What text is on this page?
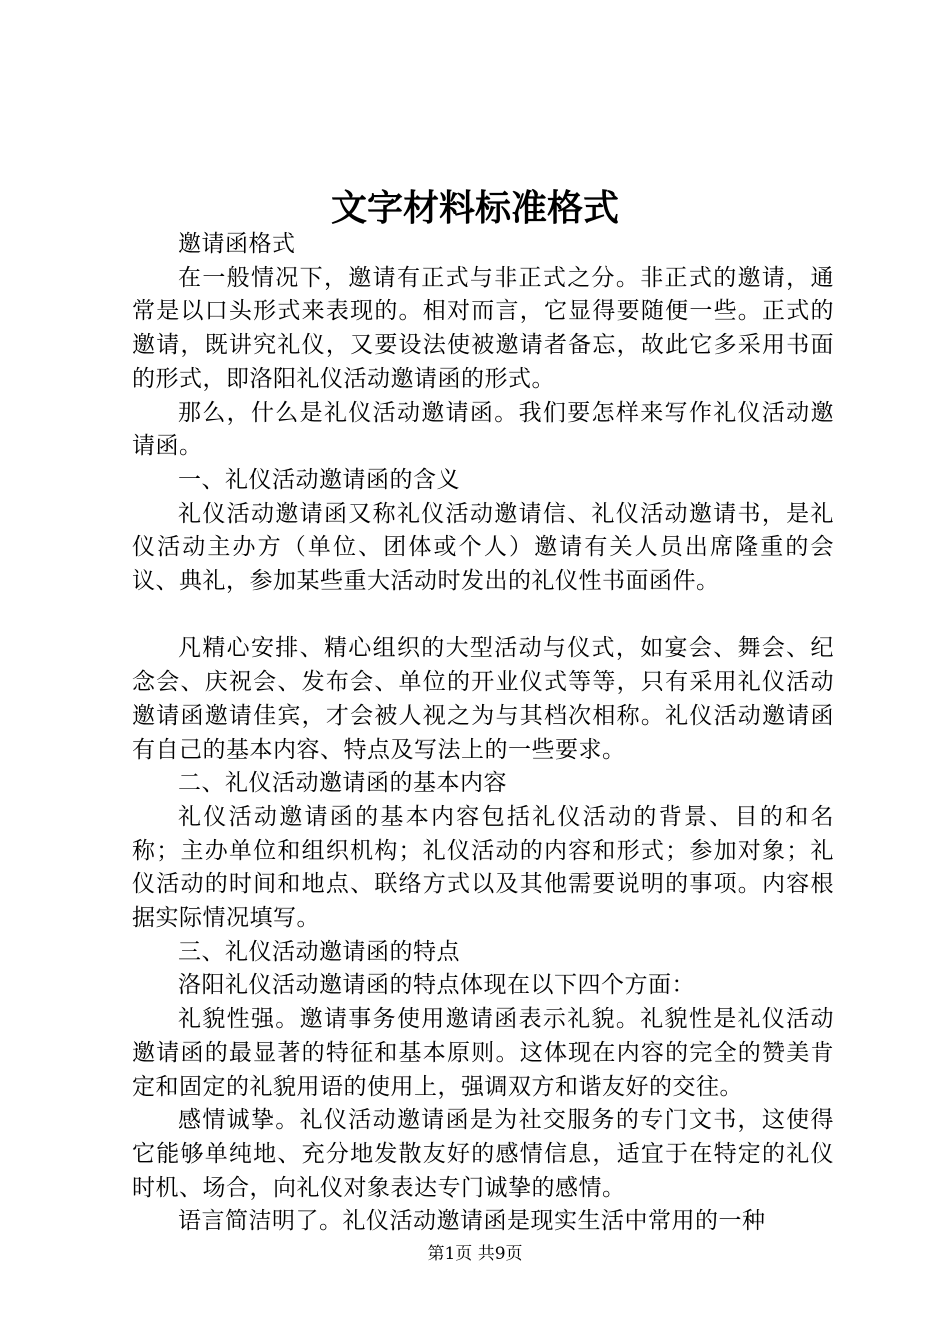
文字材料标准格式

邀请函格式

在一般情况下，邀请有正式与非正式之分。非正式的邀请，通常是以口头形式来表现的。相对而言，它显得要随便一些。正式的邀请，既讲究礼仪，又要设法使被邀请者备忘，故此它多采用书面的形式，即洛阳礼仪活动邀请函的形式。

那么，什么是礼仪活动邀请函。我们要怎样来写作礼仪活动邀请函。

一、礼仪活动邀请函的含义

礼仪活动邀请函又称礼仪活动邀请信、礼仪活动邀请书，是礼仪活动主办方（单位、团体或个人）邀请有关人员出席隆重的会议、典礼，参加某些重大活动时发出的礼仪性书面函件。

凡精心安排、精心组织的大型活动与仪式，如宴会、舞会、纪念会、庆祝会、发布会、单位的开业仪式等等，只有采用礼仪活动邀请函邀请佳宾，才会被人视之为与其档次相称。礼仪活动邀请函有自己的基本内容、特点及写法上的一些要求。

二、礼仪活动邀请函的基本内容

礼仪活动邀请函的基本内容包括礼仪活动的背景、目的和名称；主办单位和组织机构；礼仪活动的内容和形式；参加对象；礼仪活动的时间和地点、联络方式以及其他需要说明的事项。内容根据实际情况填写。

三、礼仪活动邀请函的特点

洛阳礼仪活动邀请函的特点体现在以下四个方面：

礼貌性强。邀请事务使用邀请函表示礼貌。礼貌性是礼仪活动邀请函的最显著的特征和基本原则。这体现在内容的完全的赞美肯定和固定的礼貌用语的使用上，强调双方和谐友好的交往。

感情诚挚。礼仪活动邀请函是为社交服务的专门文书，这使得它能够单纯地、充分地发散友好的感情信息，适宜于在特定的礼仪时机、场合，向礼仪对象表达专门诚挚的感情。

语言简洁明了。礼仪活动邀请函是现实生活中常用的一种

第1页 共9页
